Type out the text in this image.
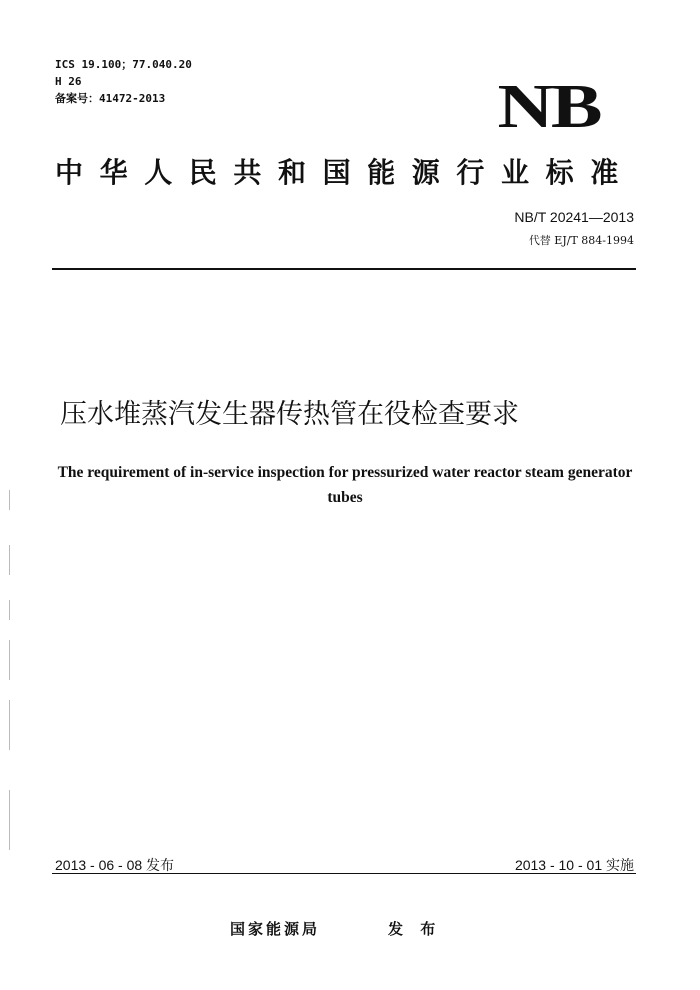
ICS 19.100；77.040.20
H 26
备案号：41472-2013	NB
中华人民共和国能源行业标准
NB/T 20241—2013
代替 EJ/T 884-1994
压水堆蒸汽发生器传热管在役检查要求
The requirement of in-service inspection for pressurized water reactor steam generator tubes
2013 - 06 - 08 发布	2013 - 10 - 01 实施
国家能源局	发 布
